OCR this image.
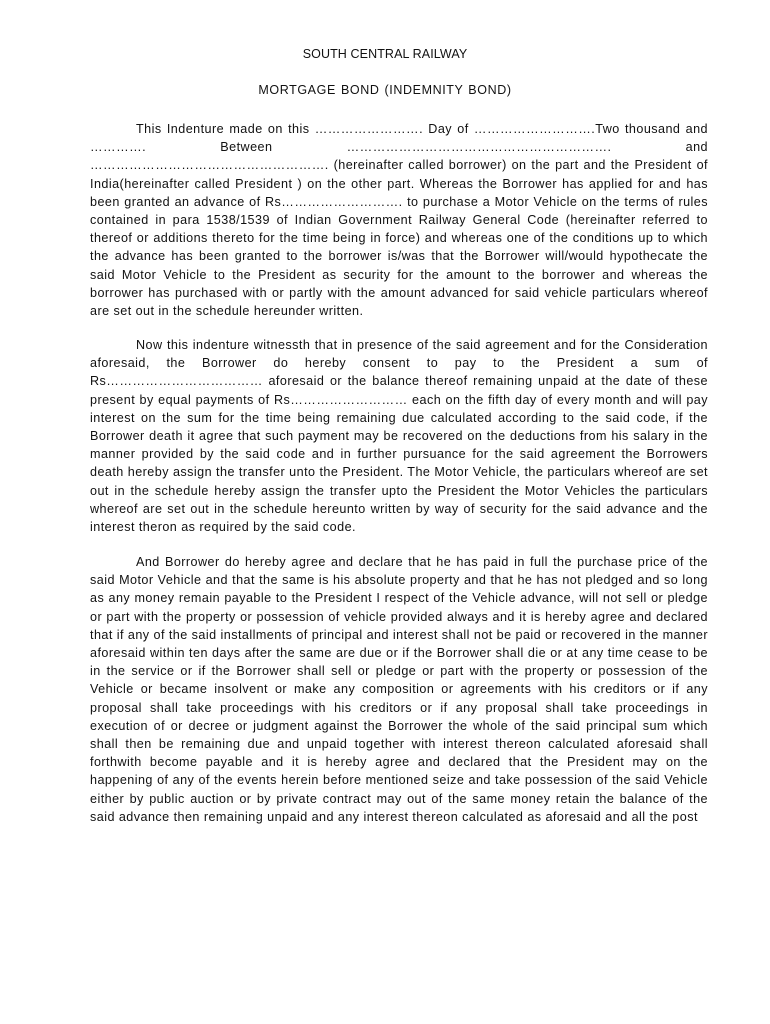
SOUTH CENTRAL RAILWAY
MORTGAGE BOND (INDEMNITY BOND)

This Indenture made on this ……………………. Day of ……………………….Two thousand and …………. Between ……………………………………………………. and ………………………………………………. (hereinafter called borrower) on the part and the President of India(hereinafter called President ) on the other part. Whereas the Borrower has applied for and has been granted an advance of Rs………………………. to purchase a Motor Vehicle on the terms of rules contained in para 1538/1539 of Indian Government Railway General Code (hereinafter referred to thereof or additions thereto for the time being in force) and whereas one of the conditions up to which the advance has been granted to the borrower is/was that the Borrower will/would hypothecate the said Motor Vehicle to the President as security for the amount to the borrower and whereas the borrower has purchased with or partly with the amount advanced for said vehicle particulars whereof are set out in the schedule hereunder written.

Now this indenture witnessth that in presence of the said agreement and for the Consideration aforesaid, the Borrower do hereby consent to pay to the President a sum of Rs……………………………… aforesaid or the balance thereof remaining unpaid at the date of these present by equal payments of Rs……………………… each on the fifth day of every month and will pay interest on the sum for the time being remaining due calculated according to the said code, if the Borrower death it agree that such payment may be recovered on the deductions from his salary in the manner provided by the said code and in further pursuance for the said agreement the Borrowers death hereby assign the transfer unto the President. The Motor Vehicle, the particulars whereof are set out in the schedule hereby assign the transfer upto the President the Motor Vehicles the particulars whereof are set out in the schedule hereunto written by way of security for the said advance and the interest theron as required by the said code.

And Borrower do hereby agree and declare that he has paid in full the purchase price of the said Motor Vehicle and that the same is his absolute property and that he has not pledged and so long as any money remain payable to the President I respect of the Vehicle advance, will not sell or pledge or part with the property or possession of vehicle provided always and it is hereby agree and declared that if any of the said installments of principal and interest shall not be paid or recovered in the manner aforesaid within ten days after the same are due or if the Borrower shall die or at any time cease to be in the service or if the Borrower shall sell or pledge or part with the property or possession of the Vehicle or became insolvent or make any composition or agreements with his creditors or if any proposal shall take proceedings with his creditors or if any proposal shall take proceedings in execution of or decree or judgment against the Borrower the whole of the said principal sum which shall then be remaining due and unpaid together with interest thereon calculated aforesaid shall forthwith become payable and it is hereby agree and declared that the President may on the happening of any of the events herein before mentioned seize and take possession of the said Vehicle either by public auction or by private contract may out of the same money retain the balance of the said advance then remaining unpaid and any interest thereon calculated as aforesaid and all the post
